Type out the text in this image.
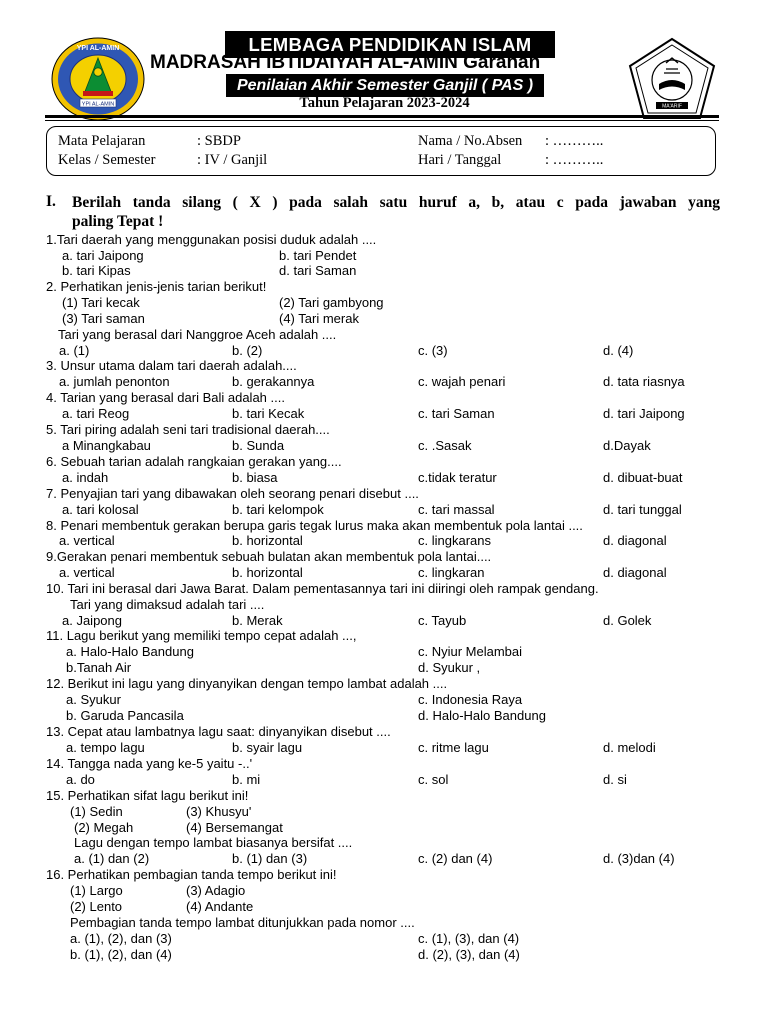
YPI AL-AMIN
YPI AL-AMIN	MA'ARIF
LEMBAGA PENDIDIKAN ISLAM
MADRASAH IBTIDAIYAH AL-AMIN Garahan
Penilaian Akhir Semester Ganjil ( PAS )
Tahun Pelajaran 2023-2024
Mata Pelajaran	: SBDP	Nama / No.Absen : ………..
Kelas / Semester	: IV / Ganjil	Hari / Tanggal	: ………..
I. Berilah tanda silang ( X ) pada salah satu huruf a, b, atau c pada jawaban yang
paling Tepat !
1.Tari daerah yang menggunakan posisi duduk adalah ....
a. tari Jaipong	b. tari Pendet
b. tari Kipas	d. tari Saman
2. Perhatikan jenis-jenis tarian berikut!
(1) Tari kecak	(2) Tari gambyong
(3) Tari saman	(4) Tari merak
Tari yang berasal dari Nanggroe Aceh adalah ....
a. (1)	b. (2)	c. (3)	d. (4)
3. Unsur utama dalam tari daerah adalah....
a. jumlah penonton	b. gerakannya	c. wajah penari	d. tata riasnya
4. Tarian yang berasal dari Bali adalah ....
a. tari Reog	b. tari Kecak	c. tari Saman	d. tari Jaipong
5. Tari piring adalah seni tari tradisional daerah....
a Minangkabau	b. Sunda	c. .Sasak	d.Dayak
6. Sebuah tarian adalah rangkaian gerakan yang....
a. indah	b. biasa	c.tidak teratur	d. dibuat-buat
7. Penyajian tari yang dibawakan oleh seorang penari disebut ....
a. tari kolosal	b. tari kelompok	c. tari massal	d. tari tunggal
8. Penari membentuk gerakan berupa garis tegak lurus maka akan membentuk pola lantai ....
a. vertical	b. horizontal	c. lingkarans	d. diagonal
9.Gerakan penari membentuk sebuah bulatan akan membentuk pola lantai....
a. vertical	b. horizontal	c. lingkaran	d. diagonal
10. Tari ini berasal dari Jawa Barat. Dalam pementasannya tari ini diiringi oleh rampak gendang.
Tari yang dimaksud adalah tari ....
a. Jaipong	b. Merak	c. Tayub	d. Golek
11. Lagu berikut yang memiliki tempo cepat adalah ...,
a. Halo-Halo Bandung	c. Nyiur Melambai
b.Tanah Air	d. Syukur ,
12. Berikut ini lagu yang dinyanyikan dengan tempo lambat adalah ....
a. Syukur	c. Indonesia Raya
b. Garuda Pancasila	d. Halo-Halo Bandung
13. Cepat atau lambatnya lagu saat: dinyanyikan disebut ....
a. tempo lagu	b. syair lagu	c. ritme lagu	d. melodi
14. Tangga nada yang ke-5 yaitu -..'
a. do	b. mi	c. sol	d. si
15. Perhatikan sifat lagu berikut ini!
(1) Sedin	(3) Khusyu'
(2) Megah	(4) Bersemangat
Lagu dengan tempo lambat biasanya bersifat ....
a. (1) dan (2)	b. (1) dan (3)	c. (2) dan (4)	d. (3)dan (4)
16. Perhatikan pembagian tanda tempo berikut ini!
(1) Largo	(3) Adagio
(2) Lento	(4) Andante
Pembagian tanda tempo lambat ditunjukkan pada nomor ....
a. (1), (2), dan (3)	c. (1), (3), dan (4)
b. (1), (2), dan (4)	d. (2), (3), dan (4)
